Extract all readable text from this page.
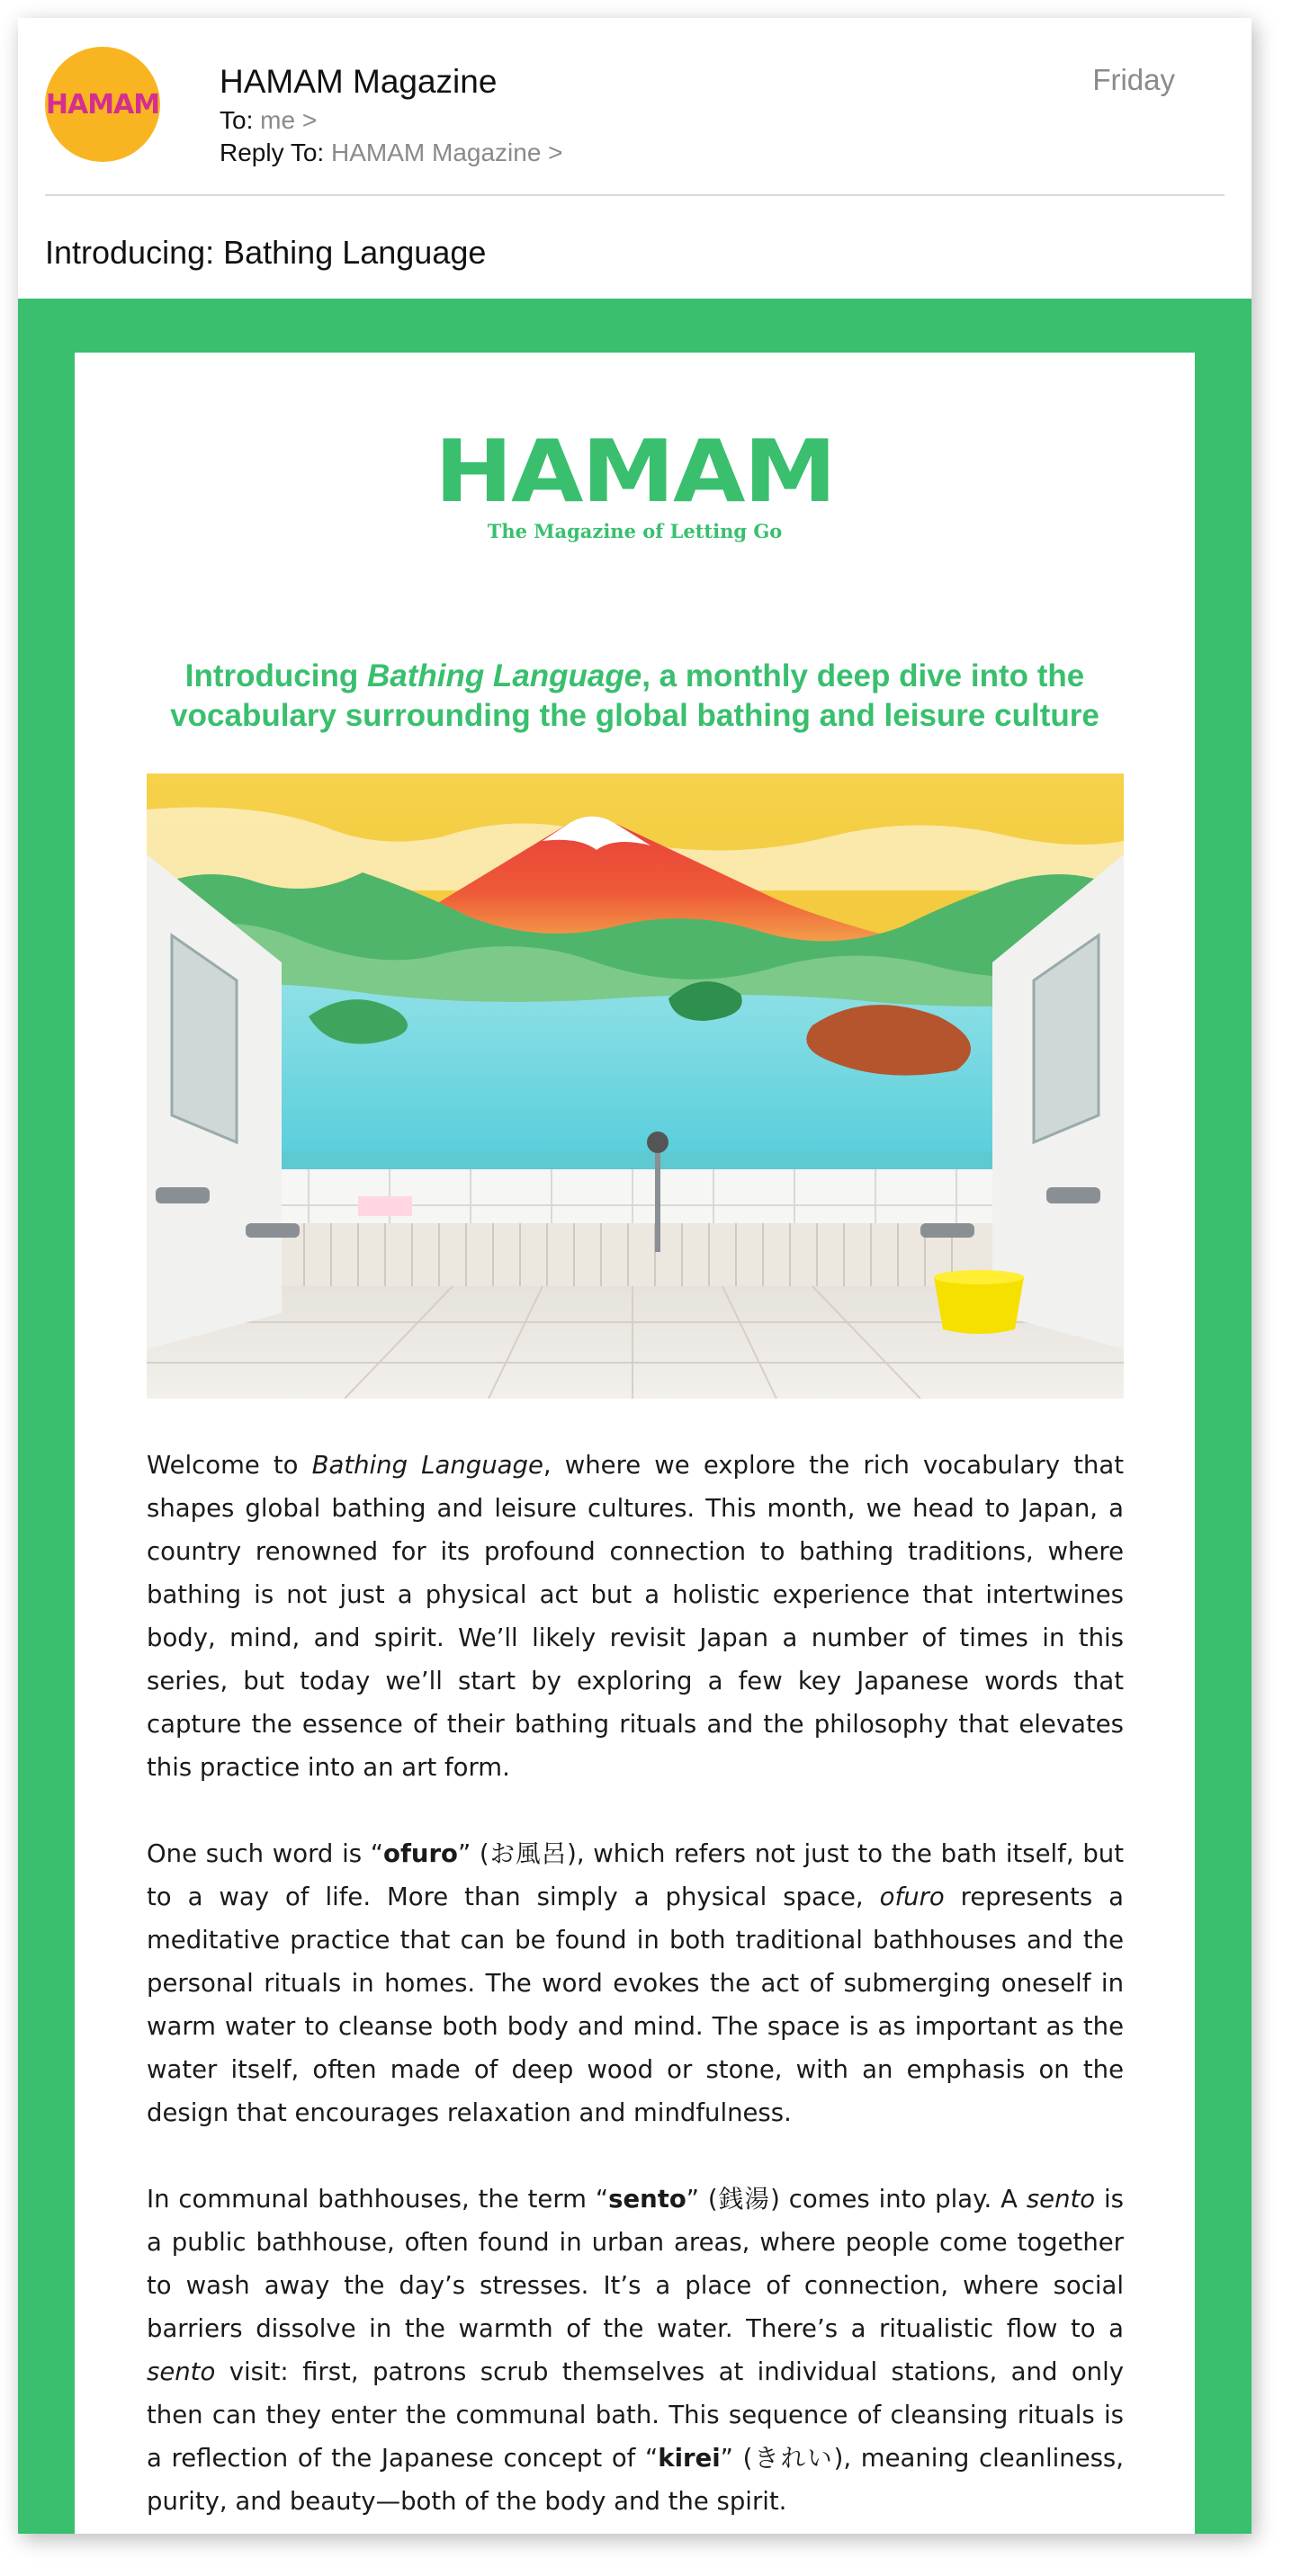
HAMAM
HAMAM Magazine
To: me >
Reply To: HAMAM Magazine >
Friday
Introducing: Bathing Language
HAMAM
The Magazine of Letting Go
Introducing Bathing Language, a monthly deep dive into the vocabulary surrounding the global bathing and leisure culture

Welcome to Bathing Language, where we explore the rich vocabulary that shapes global bathing and leisure cultures. This month, we head to Japan, a country renowned for its profound connection to bathing traditions, where bathing is not just a physical act but a holistic experience that intertwines body, mind, and spirit. We’ll likely revisit Japan a number of times in this series, but today we’ll start by exploring a few key Japanese words that capture the essence of their bathing rituals and the philosophy that elevates this practice into an art form.

One such word is “ofuro” (お風呂), which refers not just to the bath itself, but to a way of life. More than simply a physical space, ofuro represents a meditative practice that can be found in both traditional bathhouses and the personal rituals in homes. The word evokes the act of submerging oneself in warm water to cleanse both body and mind. The space is as important as the water itself, often made of deep wood or stone, with an emphasis on the design that encourages relaxation and mindfulness.

In communal bathhouses, the term “sento” (銭湯) comes into play. A sento is a public bathhouse, often found in urban areas, where people come together to wash away the day’s stresses. It’s a place of connection, where social barriers dissolve in the warmth of the water. There’s a ritualistic flow to a sento visit: first, patrons scrub themselves at individual stations, and only then can they enter the communal bath. This sequence of cleansing rituals is a reflection of the Japanese concept of “kirei” (きれい), meaning cleanliness, purity, and beauty—both of the body and the spirit.
